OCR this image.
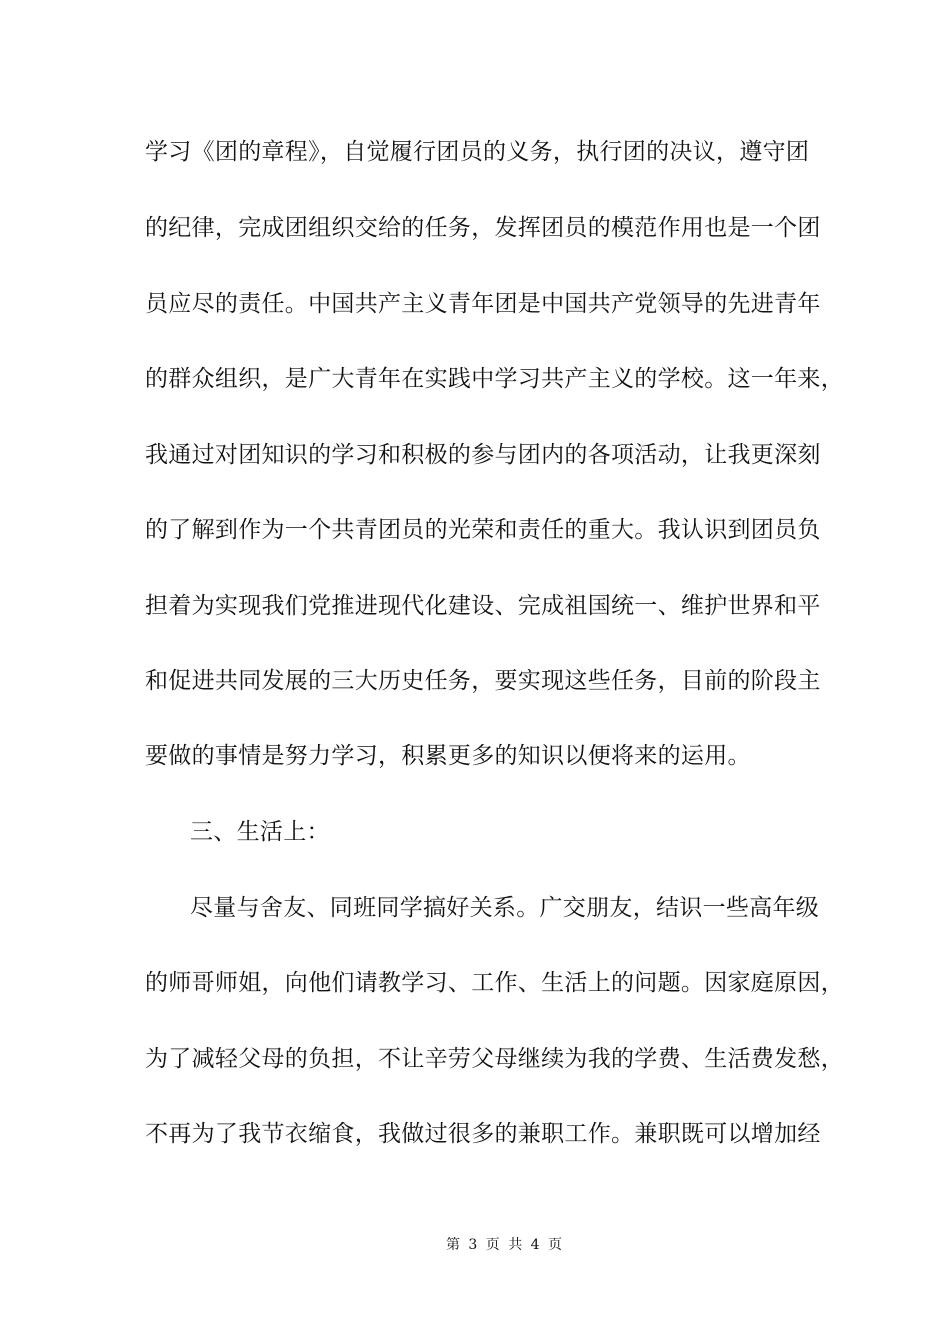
学习《团的章程》，自觉履行团员的义务，执行团的决议，遵守团
的纪律，完成团组织交给的任务，发挥团员的模范作用也是一个团
员应尽的责任。中国共产主义青年团是中国共产党领导的先进青年
的群众组织，是广大青年在实践中学习共产主义的学校。这一年来，
我通过对团知识的学习和积极的参与团内的各项活动，让我更深刻
的了解到作为一个共青团员的光荣和责任的重大。我认识到团员负
担着为实现我们党推进现代化建设、完成祖国统一、维护世界和平
和促进共同发展的三大历史任务，要实现这些任务，目前的阶段主
要做的事情是努力学习，积累更多的知识以便将来的运用。
三、生活上：
尽量与舍友、同班同学搞好关系。广交朋友，结识一些高年级
的师哥师姐，向他们请教学习、工作、生活上的问题。因家庭原因，
为了减轻父母的负担，不让辛劳父母继续为我的学费、生活费发愁，
不再为了我节衣缩食，我做过很多的兼职工作。兼职既可以增加经
第 3 页 共 4 页
